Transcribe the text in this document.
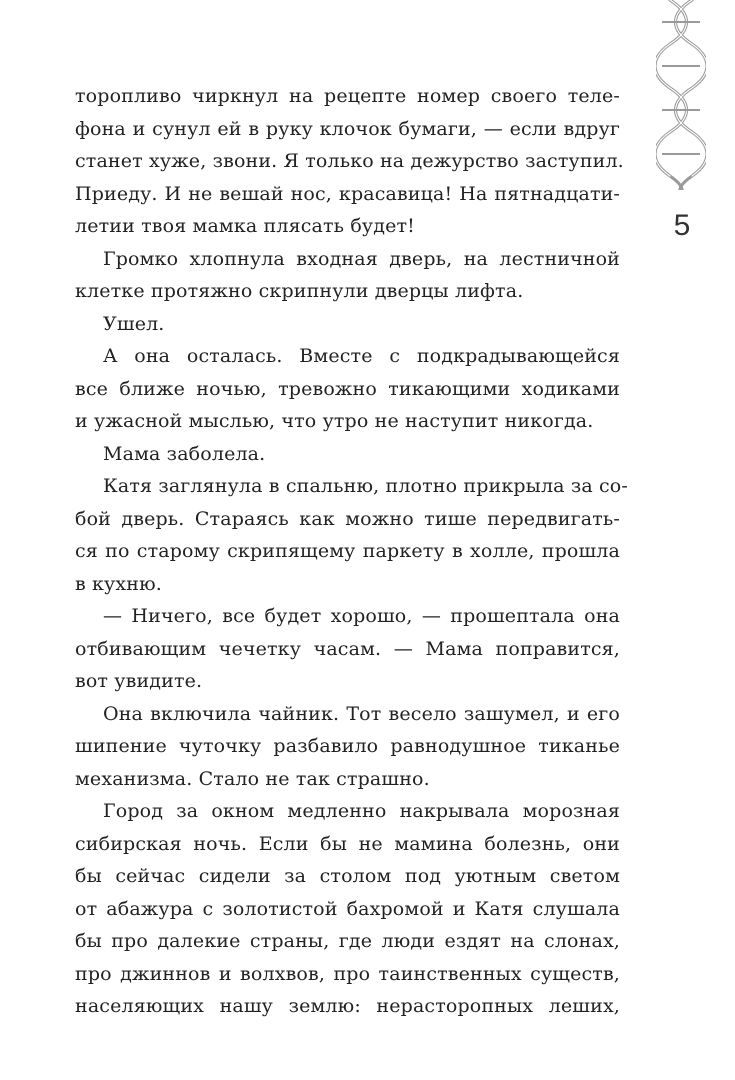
5
торопливо чиркнул на рецепте номер своего теле-
фона и сунул ей в руку клочок бумаги, — если вдруг
станет хуже, звони. Я только на дежурство заступил.
Приеду. И не вешай нос, красавица! На пятнадцати-
летии твоя мамка плясать будет!
Громко хлопнула входная дверь, на лестничной
клетке протяжно скрипнули дверцы лифта.
Ушел.
А она осталась. Вместе с подкрадывающейся
все ближе ночью, тревожно тикающими ходиками
и ужасной мыслью, что утро не наступит никогда.
Мама заболела.
Катя заглянула в спальню, плотно прикрыла за со-
бой дверь. Стараясь как можно тише передвигать-
ся по старому скрипящему паркету в холле, прошла
в кухню.
— Ничего, все будет хорошо, — прошептала она
отбивающим чечетку часам. — Мама поправится,
вот увидите.
Она включила чайник. Тот весело зашумел, и его
шипение чуточку разбавило равнодушное тиканье
механизма. Стало не так страшно.
Город за окном медленно накрывала морозная
сибирская ночь. Если бы не мамина болезнь, они
бы сейчас сидели за столом под уютным светом
от абажура с золотистой бахромой и Катя слушала
бы про далекие страны, где люди ездят на слонах,
про джиннов и волхвов, про таинственных существ,
населяющих нашу землю: нерасторопных леших,
